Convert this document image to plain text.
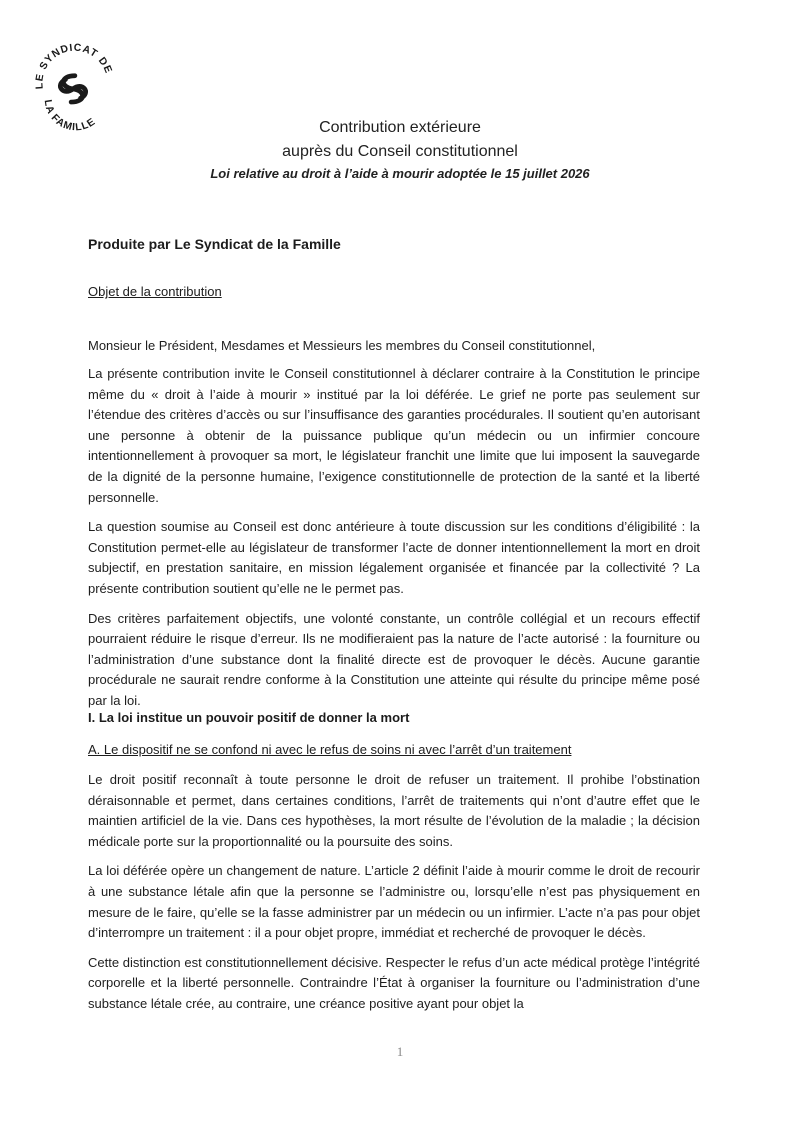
LE SYNDICAT DE
LA FAMILLE	Contribution extérieure
auprès du Conseil constitutionnel
Loi relative au droit à l’aide à mourir adoptée le 15 juillet 2026
Produite par Le Syndicat de la Famille
Objet de la contribution

Monsieur le Président, Mesdames et Messieurs les membres du Conseil constitutionnel,

La présente contribution invite le Conseil constitutionnel à déclarer contraire à la Constitution le principe même du « droit à l’aide à mourir » institué par la loi déférée. Le grief ne porte pas seulement sur l’étendue des critères d’accès ou sur l’insuffisance des garanties procédurales. Il soutient qu’en autorisant une personne à obtenir de la puissance publique qu’un médecin ou un infirmier concoure intentionnellement à provoquer sa mort, le législateur franchit une limite que lui imposent la sauvegarde de la dignité de la personne humaine, l’exigence constitutionnelle de protection de la santé et la liberté personnelle.

La question soumise au Conseil est donc antérieure à toute discussion sur les conditions d’éligibilité : la Constitution permet-elle au législateur de transformer l’acte de donner intentionnellement la mort en droit subjectif, en prestation sanitaire, en mission légalement organisée et financée par la collectivité ? La présente contribution soutient qu’elle ne le permet pas.

Des critères parfaitement objectifs, une volonté constante, un contrôle collégial et un recours effectif pourraient réduire le risque d’erreur. Ils ne modifieraient pas la nature de l’acte autorisé : la fourniture ou l’administration d’une substance dont la finalité directe est de provoquer le décès. Aucune garantie procédurale ne saurait rendre conforme à la Constitution une atteinte qui résulte du principe même posé par la loi.

I. La loi institue un pouvoir positif de donner la mort
A. Le dispositif ne se confond ni avec le refus de soins ni avec l’arrêt d’un traitement

Le droit positif reconnaît à toute personne le droit de refuser un traitement. Il prohibe l’obstination déraisonnable et permet, dans certaines conditions, l’arrêt de traitements qui n’ont d’autre effet que le maintien artificiel de la vie. Dans ces hypothèses, la mort résulte de l’évolution de la maladie ; la décision médicale porte sur la proportionnalité ou la poursuite des soins.

La loi déférée opère un changement de nature. L’article 2 définit l’aide à mourir comme le droit de recourir à une substance létale afin que la personne se l’administre ou, lorsqu’elle n’est pas physiquement en mesure de le faire, qu’elle se la fasse administrer par un médecin ou un infirmier. L’acte n’a pas pour objet d’interrompre un traitement : il a pour objet propre, immédiat et recherché de provoquer le décès.

Cette distinction est constitutionnellement décisive. Respecter le refus d’un acte médical protège l’intégrité corporelle et la liberté personnelle. Contraindre l’État à organiser la fourniture ou l’administration d’une substance létale crée, au contraire, une créance positive ayant pour objet la

1
